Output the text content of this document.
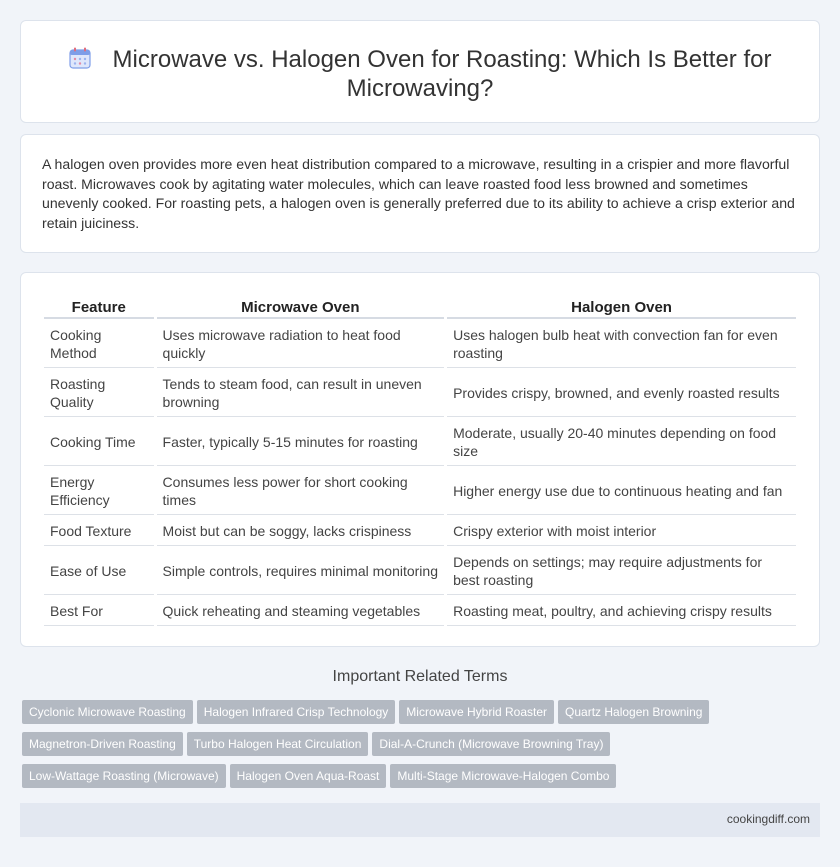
Microwave vs. Halogen Oven for Roasting: Which Is Better for Microwaving?

A halogen oven provides more even heat distribution compared to a microwave, resulting in a crispier and more flavorful roast. Microwaves cook by agitating water molecules, which can leave roasted food less browned and sometimes unevenly cooked. For roasting pets, a halogen oven is generally preferred due to its ability to achieve a crisp exterior and retain juiciness.

Feature	Microwave Oven	Halogen Oven
Cooking Method	Uses microwave radiation to heat food quickly	Uses halogen bulb heat with convection fan for even roasting
Roasting Quality	Tends to steam food, can result in uneven browning	Provides crispy, browned, and evenly roasted results
Cooking Time	Faster, typically 5-15 minutes for roasting	Moderate, usually 20-40 minutes depending on food size
Energy Efficiency	Consumes less power for short cooking times	Higher energy use due to continuous heating and fan
Food Texture	Moist but can be soggy, lacks crispiness	Crispy exterior with moist interior
Ease of Use	Simple controls, requires minimal monitoring	Depends on settings; may require adjustments for best roasting
Best For	Quick reheating and steaming vegetables	Roasting meat, poultry, and achieving crispy results
Important Related Terms
Cyclonic Microwave Roasting Halogen Infrared Crisp Technology Microwave Hybrid Roaster Quartz Halogen Browning
Magnetron-Driven Roasting Turbo Halogen Heat Circulation Dial-A-Crunch (Microwave Browning Tray)
Low-Wattage Roasting (Microwave) Halogen Oven Aqua-Roast Multi-Stage Microwave-Halogen Combo
cookingdiff.com
